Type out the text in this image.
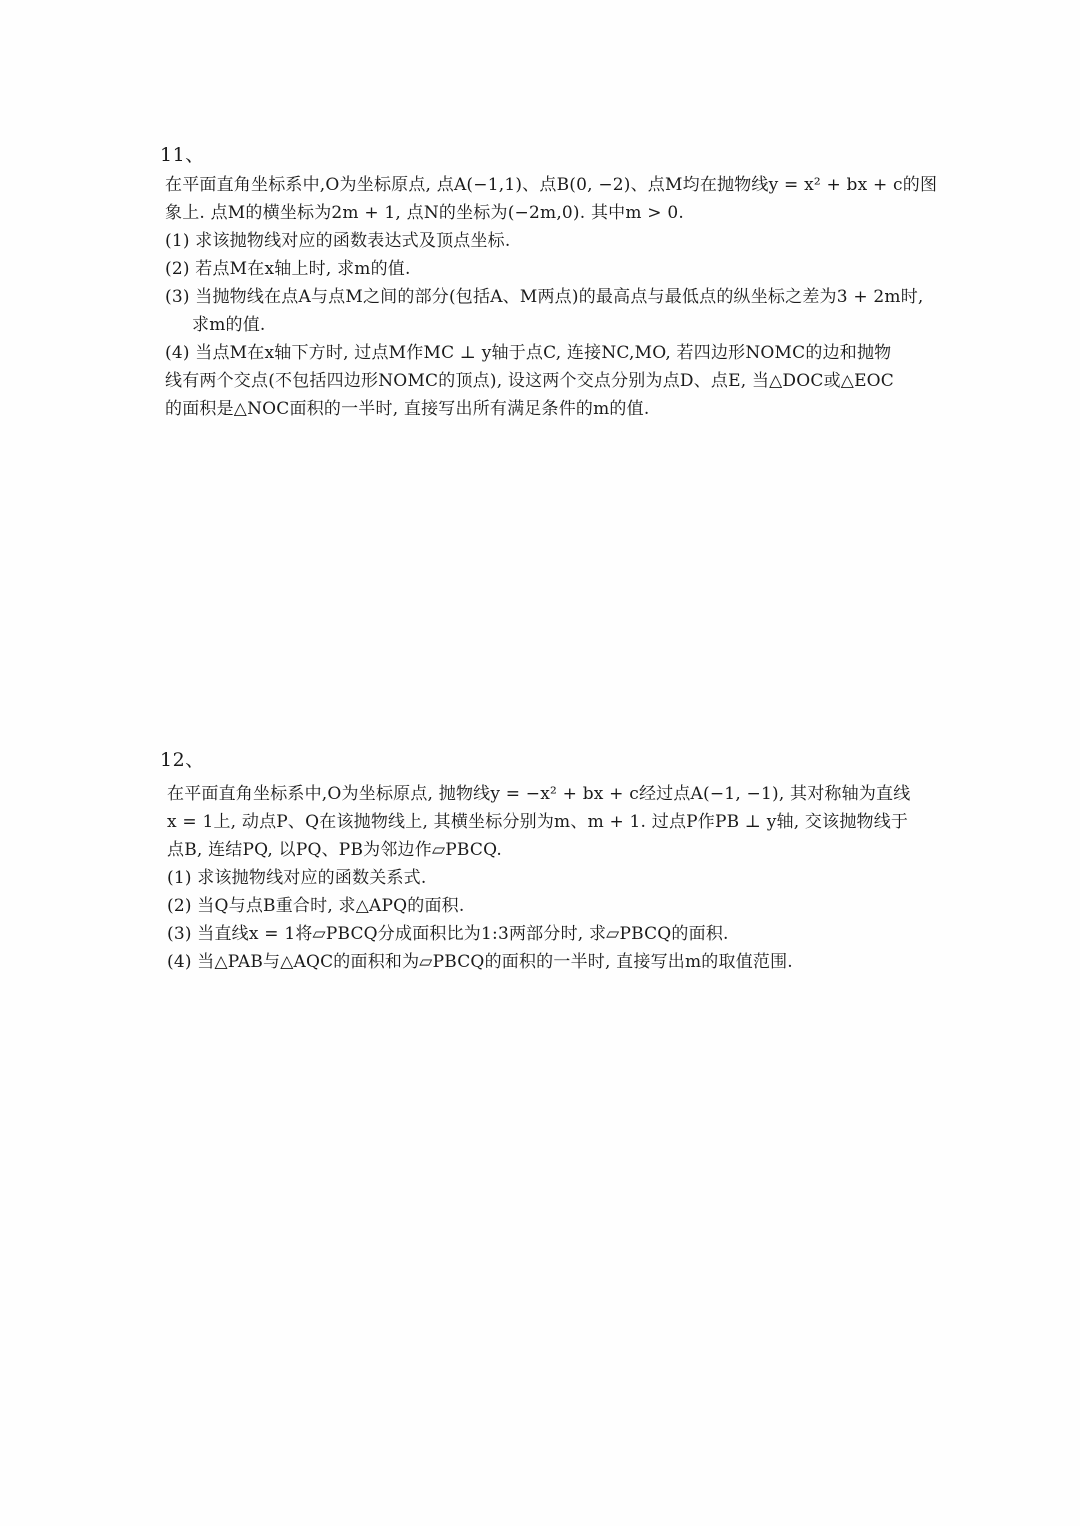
11、
在平面直角坐标系中,O为坐标原点, 点A(−1,1)、点B(0, −2)、点M均在抛物线y = x² + bx + c的图
象上. 点M的横坐标为2m + 1, 点N的坐标为(−2m,0). 其中m > 0.
(1) 求该抛物线对应的函数表达式及顶点坐标.
(2) 若点M在x轴上时, 求m的值.
(3) 当抛物线在点A与点M之间的部分(包括A、M两点)的最高点与最低点的纵坐标之差为3 + 2m时,
求m的值.
(4) 当点M在x轴下方时, 过点M作MC ⊥ y轴于点C, 连接NC,MO, 若四边形NOMC的边和抛物
线有两个交点(不包括四边形NOMC的顶点), 设这两个交点分别为点D、点E, 当△DOC或△EOC
的面积是△NOC面积的一半时, 直接写出所有满足条件的m的值.
12、
在平面直角坐标系中,O为坐标原点, 抛物线y = −x² + bx + c经过点A(−1, −1), 其对称轴为直线
x = 1上, 动点P、Q在该抛物线上, 其横坐标分别为m、m + 1. 过点P作PB ⊥ y轴, 交该抛物线于
点B, 连结PQ, 以PQ、PB为邻边作▱PBCQ.
(1) 求该抛物线对应的函数关系式.
(2) 当Q与点B重合时, 求△APQ的面积.
(3) 当直线x = 1将▱PBCQ分成面积比为1:3两部分时, 求▱PBCQ的面积.
(4) 当△PAB与△AQC的面积和为▱PBCQ的面积的一半时, 直接写出m的取值范围.
